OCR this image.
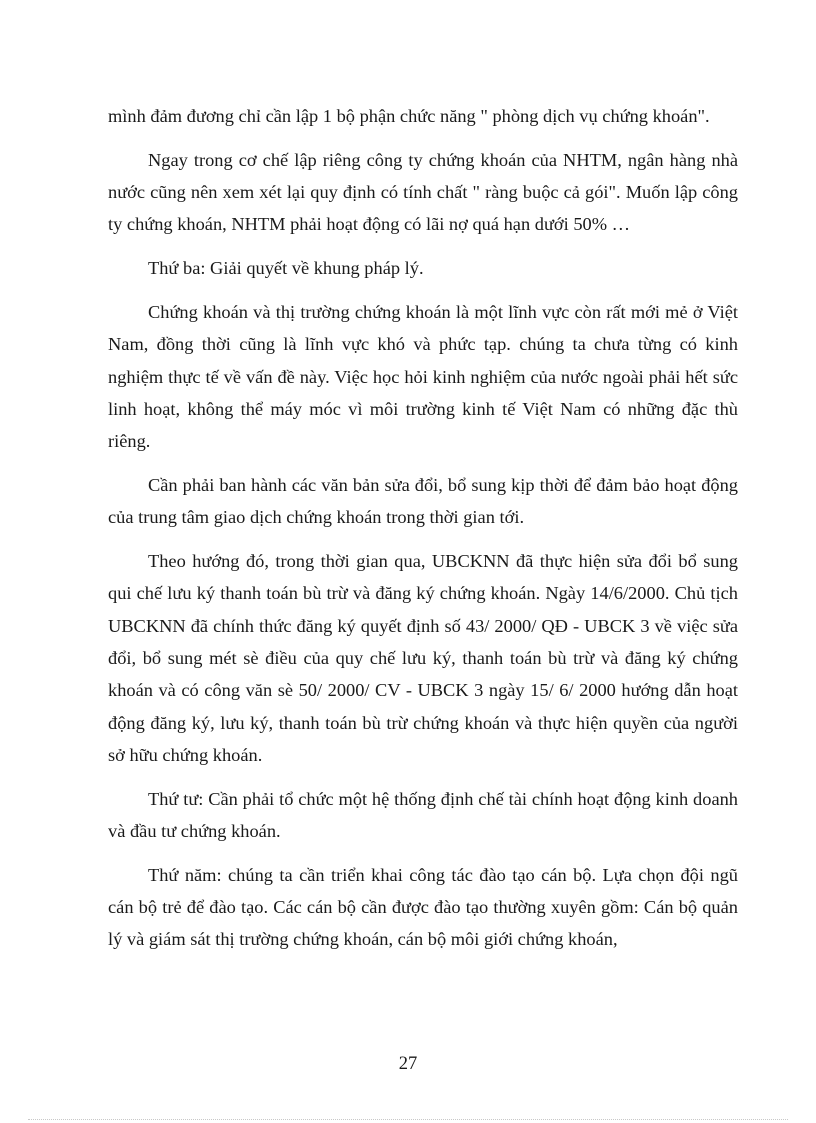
mình đảm đương chỉ cần lập 1 bộ phận chức năng " phòng dịch vụ chứng khoán".

Ngay trong cơ chế lập riêng công ty chứng khoán của NHTM, ngân hàng nhà nước cũng nên xem xét lại quy định có tính chất " ràng buộc cả gói". Muốn lập công ty chứng khoán, NHTM phải hoạt động có lãi nợ quá hạn dưới 50% …

Thứ ba: Giải quyết về khung pháp lý.

Chứng khoán và thị trường chứng khoán là một lĩnh vực còn rất mới mẻ ở Việt Nam, đồng thời cũng là lĩnh vực khó và phức tạp. chúng ta chưa từng có kinh nghiệm thực tế về vấn đề này. Việc học hỏi kinh nghiệm của nước ngoài phải hết sức linh hoạt, không thể máy móc vì môi trường kinh tế Việt Nam có những đặc thù riêng.

Cần phải ban hành các văn bản sửa đổi, bổ sung kịp thời để đảm bảo hoạt động của trung tâm giao dịch chứng khoán trong thời gian tới.

Theo hướng đó, trong thời gian qua, UBCKNN đã thực hiện sửa đổi bổ sung qui chế lưu ký thanh toán bù trừ và đăng ký chứng khoán. Ngày 14/6/2000. Chủ tịch UBCKNN đã chính thức đăng ký quyết định số 43/ 2000/ QĐ - UBCK 3 về việc sửa đổi, bổ sung mét sè điều của quy chế lưu ký, thanh toán bù trừ và đăng ký chứng khoán và có công văn sè 50/ 2000/ CV - UBCK 3 ngày 15/ 6/ 2000 hướng dẫn hoạt động đăng ký, lưu ký, thanh toán bù trừ chứng khoán và thực hiện quyền của người sở hữu chứng khoán.

Thứ tư: Cần phải tổ chức một hệ thống định chế tài chính hoạt động kinh doanh và đầu tư chứng khoán.

Thứ năm: chúng ta cần triển khai công tác đào tạo cán bộ. Lựa chọn đội ngũ cán bộ trẻ để đào tạo. Các cán bộ cần được đào tạo thường xuyên gồm: Cán bộ quản lý và giám sát thị trường chứng khoán, cán bộ môi giới chứng khoán,

27
